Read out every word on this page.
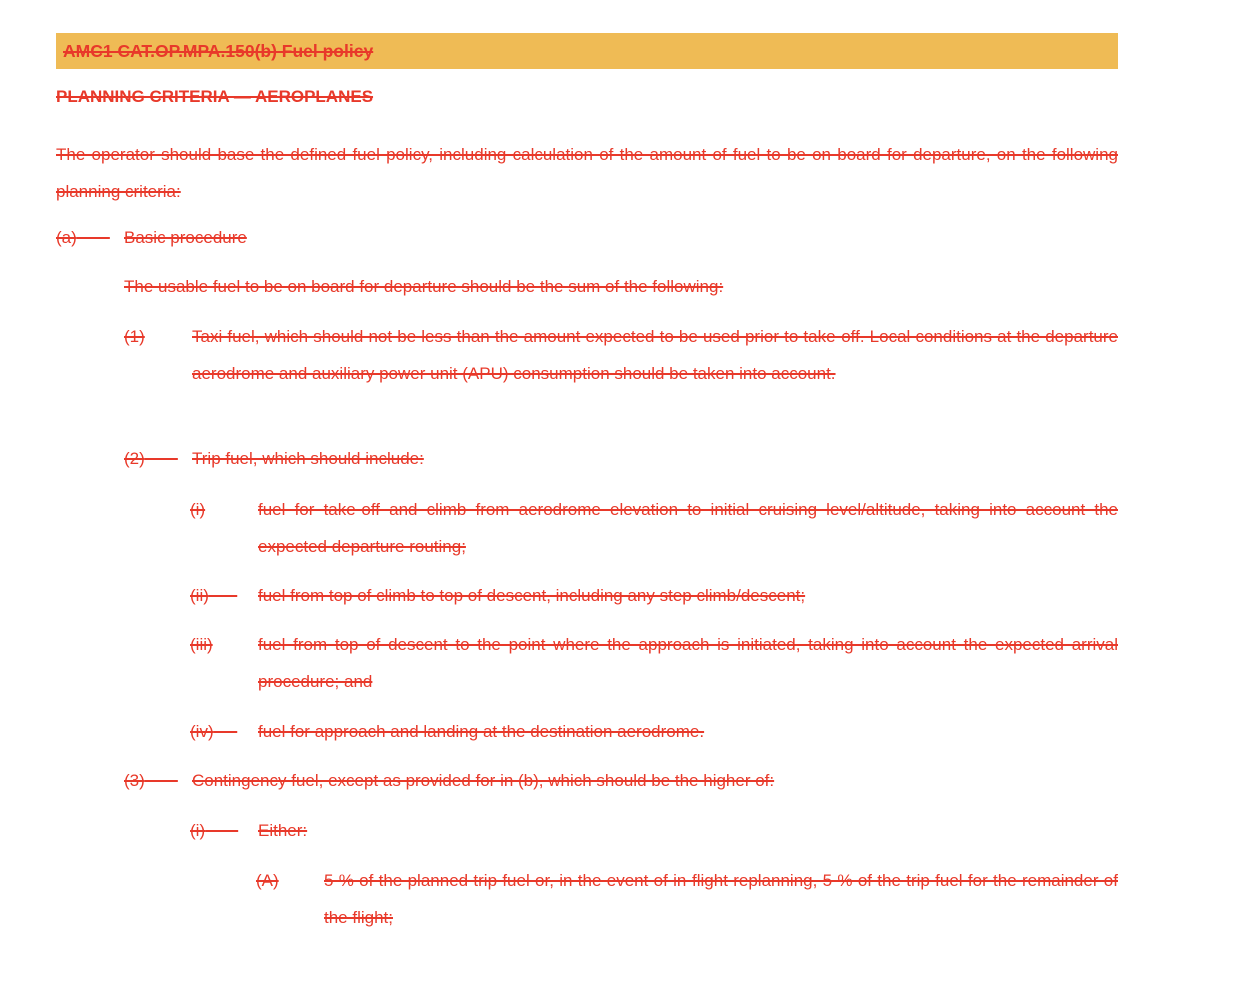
AMC1 CAT.OP.MPA.150(b) Fuel policy
PLANNING CRITERIA — AEROPLANES
The operator should base the defined fuel policy, including calculation of the amount of fuel to be on board for departure, on the following planning criteria:
(a)	Basic procedure
The usable fuel to be on board for departure should be the sum of the following:
(1)	Taxi fuel, which should not be less than the amount expected to be used prior to take-off. Local conditions at the departure aerodrome and auxiliary power unit (APU) consumption should be taken into account.
(2)	Trip fuel, which should include:
(i)	fuel for take-off and climb from aerodrome elevation to initial cruising level/altitude, taking into account the expected departure routing;
(ii)	fuel from top of climb to top of descent, including any step climb/descent;
(iii)	fuel from top of descent to the point where the approach is initiated, taking into account the expected arrival procedure; and
(iv)	fuel for approach and landing at the destination aerodrome.
(3)	Contingency fuel, except as provided for in (b), which should be the higher of:
(i)	Either:
(A)	5 % of the planned trip fuel or, in the event of in-flight replanning, 5 % of the trip fuel for the remainder of the flight;
